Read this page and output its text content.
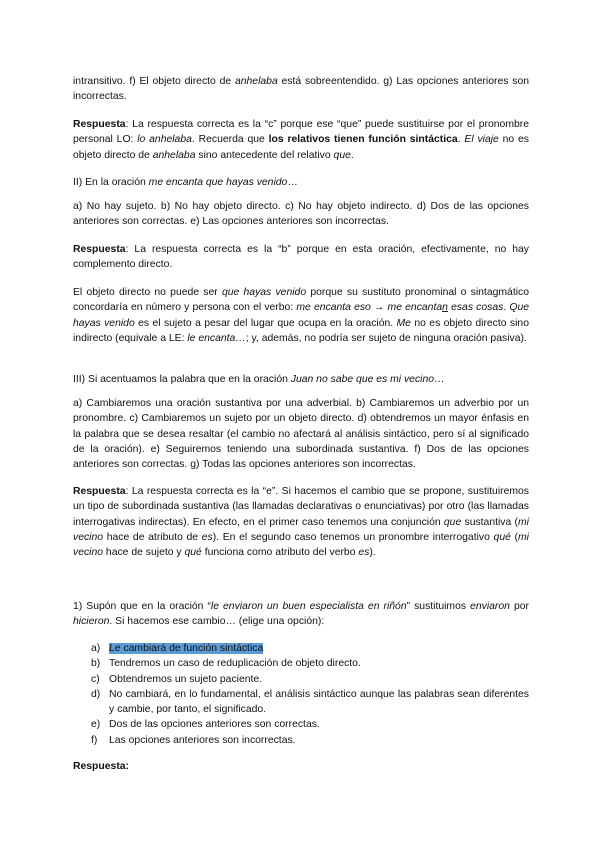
intransitivo. f) El objeto directo de anhelaba está sobreentendido. g) Las opciones anteriores son incorrectas.

Respuesta: La respuesta correcta es la “c” porque ese “que” puede sustituirse por el pronombre personal LO: lo anhelaba. Recuerda que los relativos tienen función sintáctica. El viaje no es objeto directo de anhelaba sino antecedente del relativo que.

II) En la oración me encanta que hayas venido…

a) No hay sujeto. b) No hay objeto directo. c) No hay objeto indirecto. d) Dos de las opciones anteriores son correctas. e) Las opciones anteriores son incorrectas.

Respuesta: La respuesta correcta es la “b” porque en esta oración, efectivamente, no hay complemento directo.

El objeto directo no puede ser que hayas venido porque su sustituto pronominal o sintagmático concordaría en número y persona con el verbo: me encanta eso → me encantan esas cosas. Que hayas venido es el sujeto a pesar del lugar que ocupa en la oración. Me no es objeto directo sino indirecto (equivale a LE: le encanta…; y, además, no podría ser sujeto de ninguna oración pasiva).

III) Si acentuamos la palabra que en la oración Juan no sabe que es mi vecino…

a) Cambiaremos una oración sustantiva por una adverbial. b) Cambiaremos un adverbio por un pronombre. c) Cambiaremos un sujeto por un objeto directo. d) obtendremos un mayor énfasis en la palabra que se desea resaltar (el cambio no afectará al análisis sintáctico, pero sí al significado de la oración). e) Seguiremos teniendo una subordinada sustantiva. f) Dos de las opciones anteriores son correctas. g) Todas las opciones anteriores son incorrectas.

Respuesta: La respuesta correcta es la “e”. Si hacemos el cambio que se propone, sustituiremos un tipo de subordinada sustantiva (las llamadas declarativas o enunciativas) por otro (las llamadas interrogativas indirectas). En efecto, en el primer caso tenemos una conjunción que sustantiva (mi vecino hace de atributo de es). En el segundo caso tenemos un pronombre interrogativo qué (mi vecino hace de sujeto y qué funciona como atributo del verbo es).

1) Supón que en la oración “le enviaron un buen especialista en riñón” sustituimos enviaron por hicieron. Si hacemos ese cambio… (elige una opción):

a) Le cambiará de función sintáctica
b) Tendremos un caso de reduplicación de objeto directo.
c) Obtendremos un sujeto paciente.
d) No cambiará, en lo fundamental, el análisis sintáctico aunque las palabras sean diferentes y cambie, por tanto, el significado.
e) Dos de las opciones anteriores son correctas.
f) Las opciones anteriores son incorrectas.

Respuesta:
